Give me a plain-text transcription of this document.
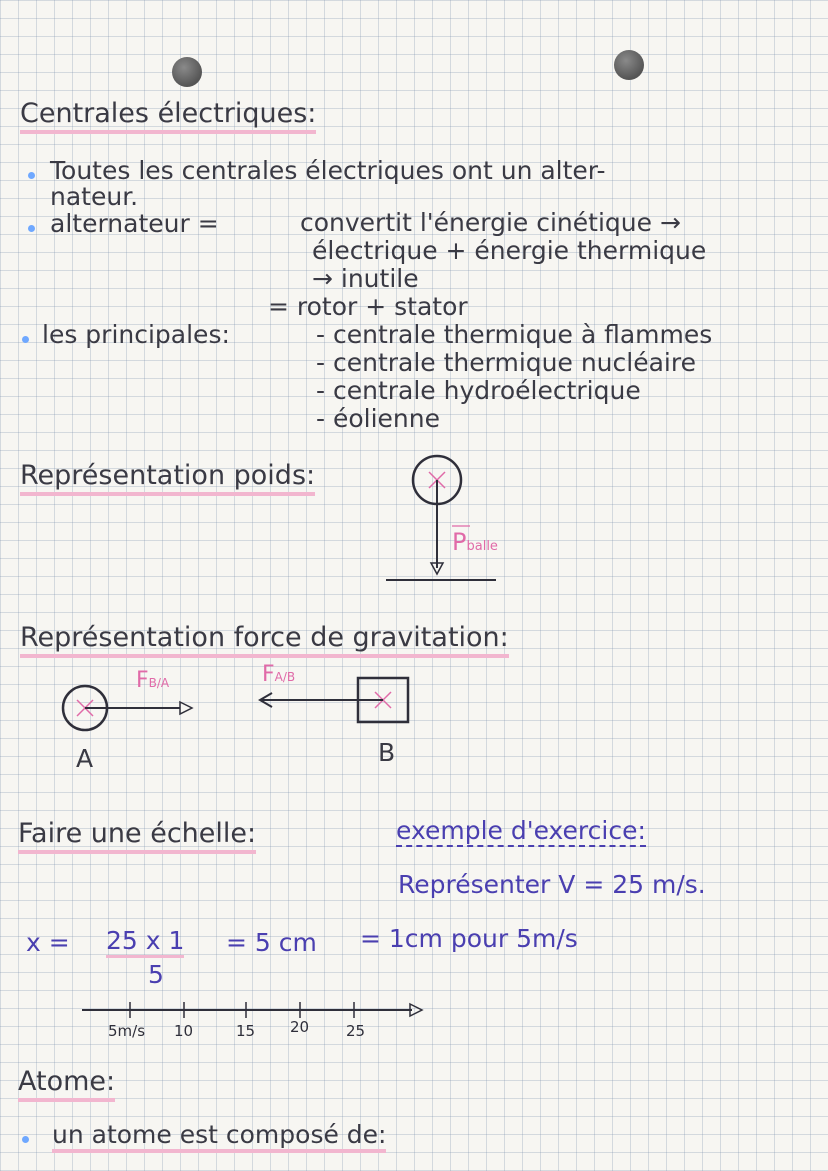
Centrales électriques:
Toutes les centrales électriques ont un alter-
nateur.
alternateur =	convertit l'énergie cinétique →
électrique + énergie thermique
→ inutile
= rotor + stator
les principales:	- centrale thermique à flammes
- centrale thermique nucléaire
- centrale hydroélectrique
- éolienne
Représentation poids:
Pballe
Représentation force de gravitation:
FB/A	FA/B
A	B
Faire une échelle:	exemple d'exercice:
Représenter V = 25 m/s.
x = 25 x 1
5
= 5 cm = 1cm pour 5m/s
5m/s 10	15 20 25
Atome:
un atome est composé de:
